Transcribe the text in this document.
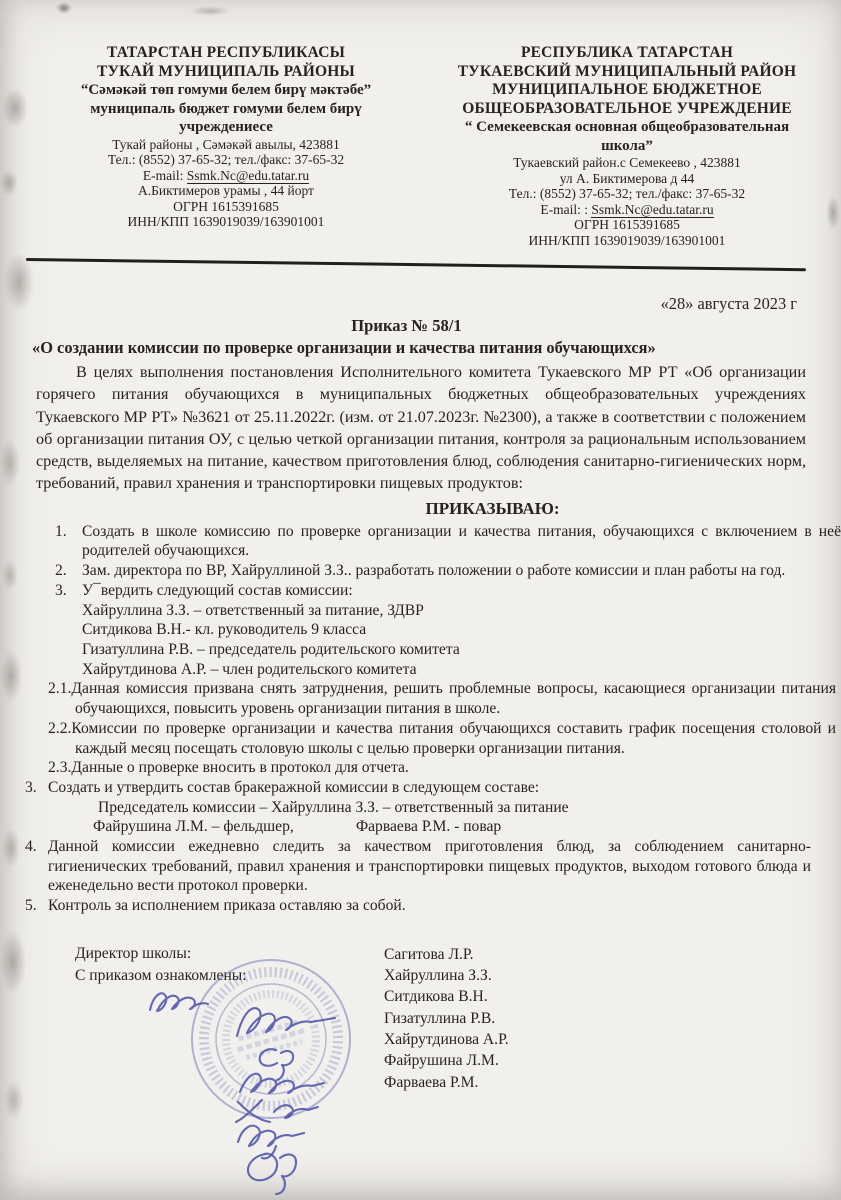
ТАТАРСТАН РЕСПУБЛИКАСЫ
ТУКАЙ МУНИЦИПАЛЬ РАЙОНЫ
“Сәмәкәй төп гомуми белем бирү мәктәбе”
муниципаль бюджет гомуми белем бирү
учреждениесе
Тукай районы , Сәмәкәй авылы, 423881
Тел.: (8552) 37-65-32; тел./факс: 37-65-32
E-mail: Ssmk.Nc@edu.tatar.ru
А.Биктимеров урамы , 44 йорт
ОГРН 1615391685
ИНН/КПП 1639019039/163901001
РЕСПУБЛИКА ТАТАРСТАН
ТУКАЕВСКИЙ МУНИЦИПАЛЬНЫЙ РАЙОН
МУНИЦИПАЛЬНОЕ БЮДЖЕТНОЕ
ОБЩЕОБРАЗОВАТЕЛЬНОЕ УЧРЕЖДЕНИЕ
“ Семекеевская основная общеобразовательная
школа”
Тукаевский район.с Семекеево , 423881
ул А. Биктимерова д 44
Тел.: (8552) 37-65-32; тел./факс: 37-65-32
E-mail: : Ssmk.Nc@edu.tatar.ru
ОГРН 1615391685
ИНН/КПП 1639019039/163901001
«28» августа 2023 г
Приказ № 58/1
«О создании комиссии по проверке организации и качества питания обучающихся»
В целях выполнения постановления Исполнительного комитета Тукаевского МР РТ «Об организации горячего питания обучающихся в муниципальных бюджетных общеобразовательных учреждениях Тукаевского МР РТ» №3621 от 25.11.2022г. (изм. от 21.07.2023г. №2300), а также в соответствии с положением об организации питания ОУ, с целью четкой организации питания, контроля за рациональным использованием средств, выделяемых на питание, качеством приготовления блюд, соблюдения санитарно-гигиенических норм, требований, правил хранения и транспортировки пищевых продуктов:
ПРИКАЗЫВАЮ:
1. Создать в школе комиссию по проверке организации и качества питания, обучающихся с включением в неё родителей обучающихся.
2. Зам. директора по ВР, Хайруллиной З.З.. разработать положении о работе комиссии и план работы на год.
3. У¯вердить следующий состав комиссии:
Хайруллина З.З. – ответственный за питание, ЗДВР
Ситдикова В.Н.- кл. руководитель 9 класса
Гизатуллина Р.В. – председатель родительского комитета
Хайрутдинова А.Р. – член родительского комитета
2.1.Данная комиссия призвана снять затруднения, решить проблемные вопросы, касающиеся организации питания обучающихся, повысить уровень организации питания в школе.
2.2.Комиссии по проверке организации и качества питания обучающихся составить график посещения столовой и каждый месяц посещать столовую школы с целью проверки организации питания.
2.3.Данные о проверке вносить в протокол для отчета.
3. Создать и утвердить состав бракеражной комиссии в следующем составе:
Председатель комиссии – Хайруллина З.З. – ответственный за питание
Файрушина Л.М. – фельдшер,	Фарваева Р.М. - повар
4. Данной комиссии ежедневно следить за качеством приготовления блюд, за соблюдением санитарно-гигиенических требований, правил хранения и транспортировки пищевых продуктов, выходом готового блюда и еженедельно вести протокол проверки.
5. Контроль за исполнением приказа оставляю за собой.
Директор школы:
С приказом ознакомлены:
Сагитова Л.Р.
Хайруллина З.З.
Ситдикова В.Н.
Гизатуллина Р.В.
Хайрутдинова А.Р.
Файрушина Л.М.
Фарваева Р.М.
